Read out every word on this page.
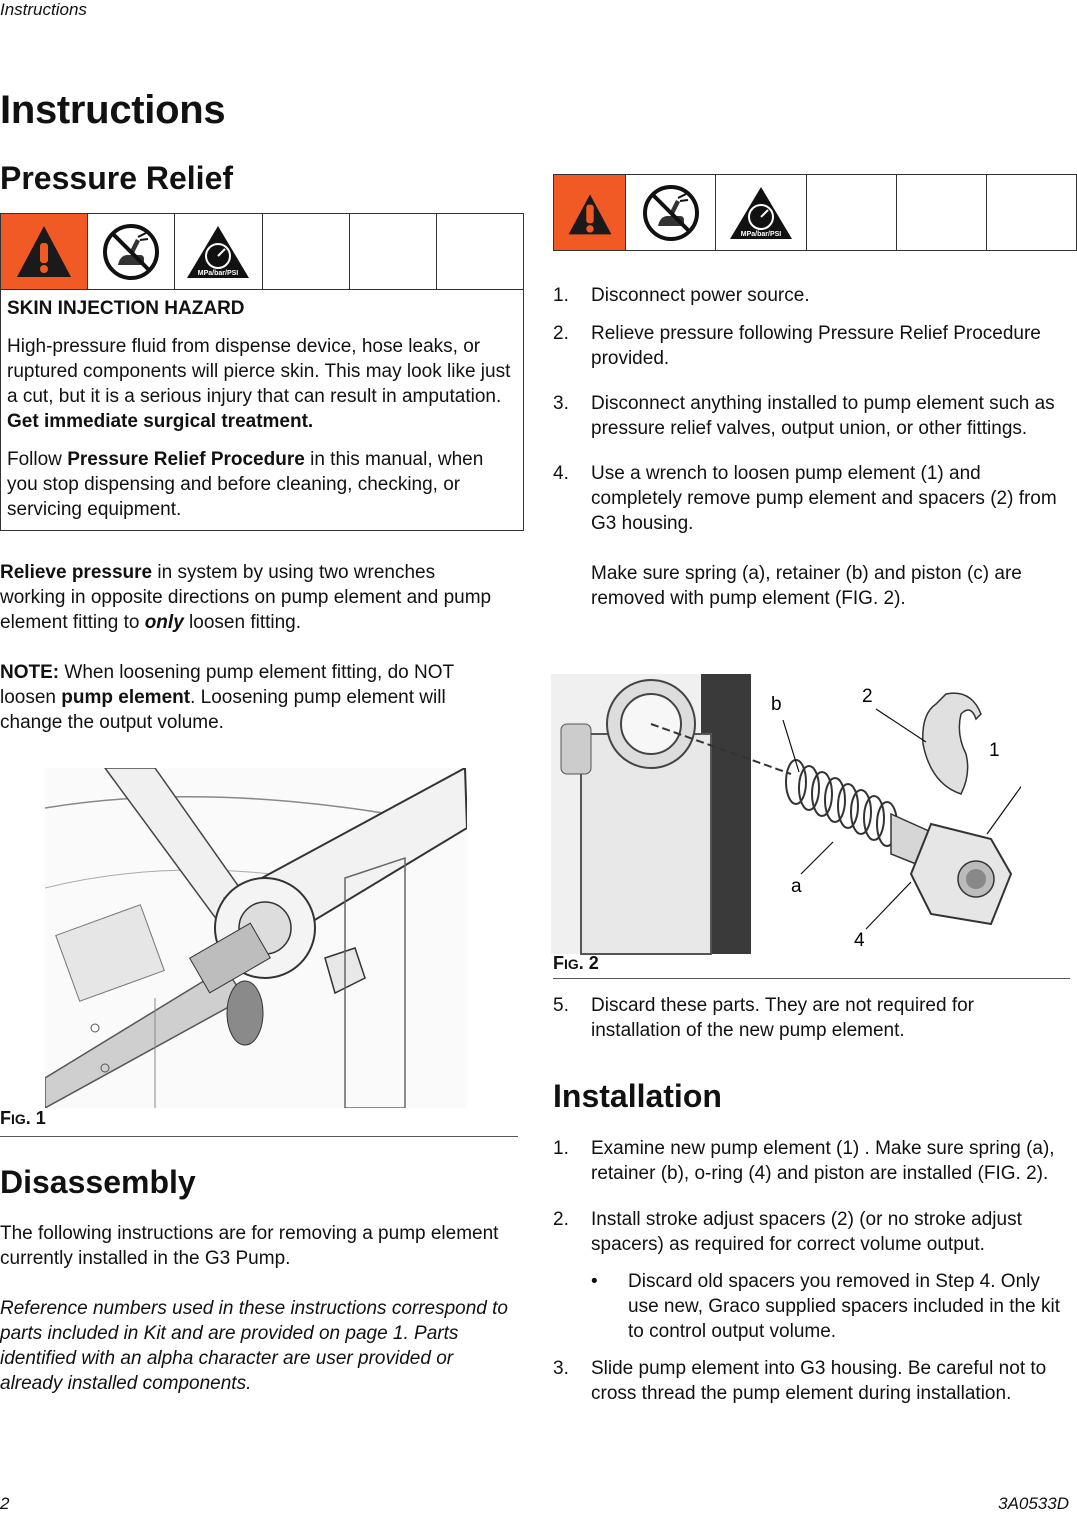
Instructions
Instructions
Pressure Relief
MPa/bar/PSI

SKIN INJECTION HAZARD

High-pressure fluid from dispense device, hose leaks, or ruptured components will pierce skin. This may look like just a cut, but it is a serious injury that can result in amputation. Get immediate surgical treatment.

Follow Pressure Relief Procedure in this manual, when you stop dispensing and before cleaning, checking, or servicing equipment.

Relieve pressure in system by using two wrenches working in opposite directions on pump element and pump element fitting to only loosen fitting.
NOTE: When loosening pump element fitting, do NOT loosen pump element. Loosening pump element will change the output volume.
FIG. 1
Disassembly
The following instructions are for removing a pump element currently installed in the G3 Pump.
Reference numbers used in these instructions correspond to parts included in Kit and are provided on page 1. Parts identified with an alpha character are user provided or already installed components.
MPa/bar/PSI
1. Disconnect power source.
2. Relieve pressure following Pressure Relief Procedure provided.
3. Disconnect anything installed to pump element such as pressure relief valves, output union, or other fittings.
4. Use a wrench to loosen pump element (1) and completely remove pump element and spacers (2) from G3 housing.
Make sure spring (a), retainer (b) and piston (c) are removed with pump element (FIG. 2).
b	2
1
a
4
FIG. 2
5. Discard these parts. They are not required for installation of the new pump element.
Installation
1. Examine new pump element (1) . Make sure spring (a), retainer (b), o-ring (4) and piston are installed (FIG. 2).
2. Install stroke adjust spacers (2) (or no stroke adjust spacers) as required for correct volume output.
• Discard old spacers you removed in Step 4. Only use new, Graco supplied spacers included in the kit to control output volume.
3. Slide pump element into G3 housing. Be careful not to cross thread the pump element during installation.
2	3A0533D
